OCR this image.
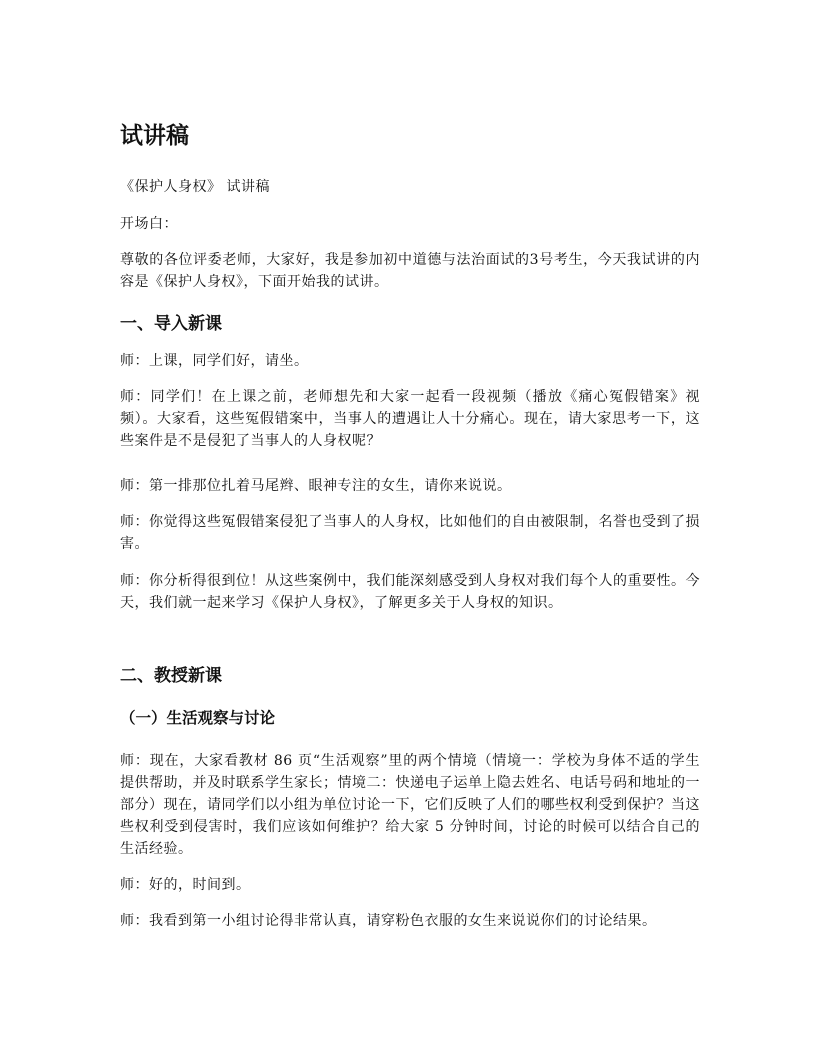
试讲稿

《保护人身权》 试讲稿

开场白：

尊敬的各位评委老师，大家好，我是参加初中道德与法治面试的3号考生，今天我试讲的内容是《保护人身权》，下面开始我的试讲。

一、导入新课

师：上课，同学们好，请坐。

师：同学们！在上课之前，老师想先和大家一起看一段视频（播放《痛心冤假错案》视频）。大家看，这些冤假错案中，当事人的遭遇让人十分痛心。现在，请大家思考一下，这些案件是不是侵犯了当事人的人身权呢？

师：第一排那位扎着马尾辫、眼神专注的女生，请你来说说。

师：你觉得这些冤假错案侵犯了当事人的人身权，比如他们的自由被限制，名誉也受到了损害。

师：你分析得很到位！从这些案例中，我们能深刻感受到人身权对我们每个人的重要性。今天，我们就一起来学习《保护人身权》，了解更多关于人身权的知识。

二、教授新课
（一）生活观察与讨论

师：现在，大家看教材 86 页“生活观察”里的两个情境（情境一：学校为身体不适的学生提供帮助，并及时联系学生家长；情境二：快递电子运单上隐去姓名、电话号码和地址的一部分）现在，请同学们以小组为单位讨论一下，它们反映了人们的哪些权利受到保护？当这些权利受到侵害时，我们应该如何维护？给大家 5 分钟时间，讨论的时候可以结合自己的生活经验。

师：好的，时间到。

师：我看到第一小组讨论得非常认真，请穿粉色衣服的女生来说说你们的讨论结果。
